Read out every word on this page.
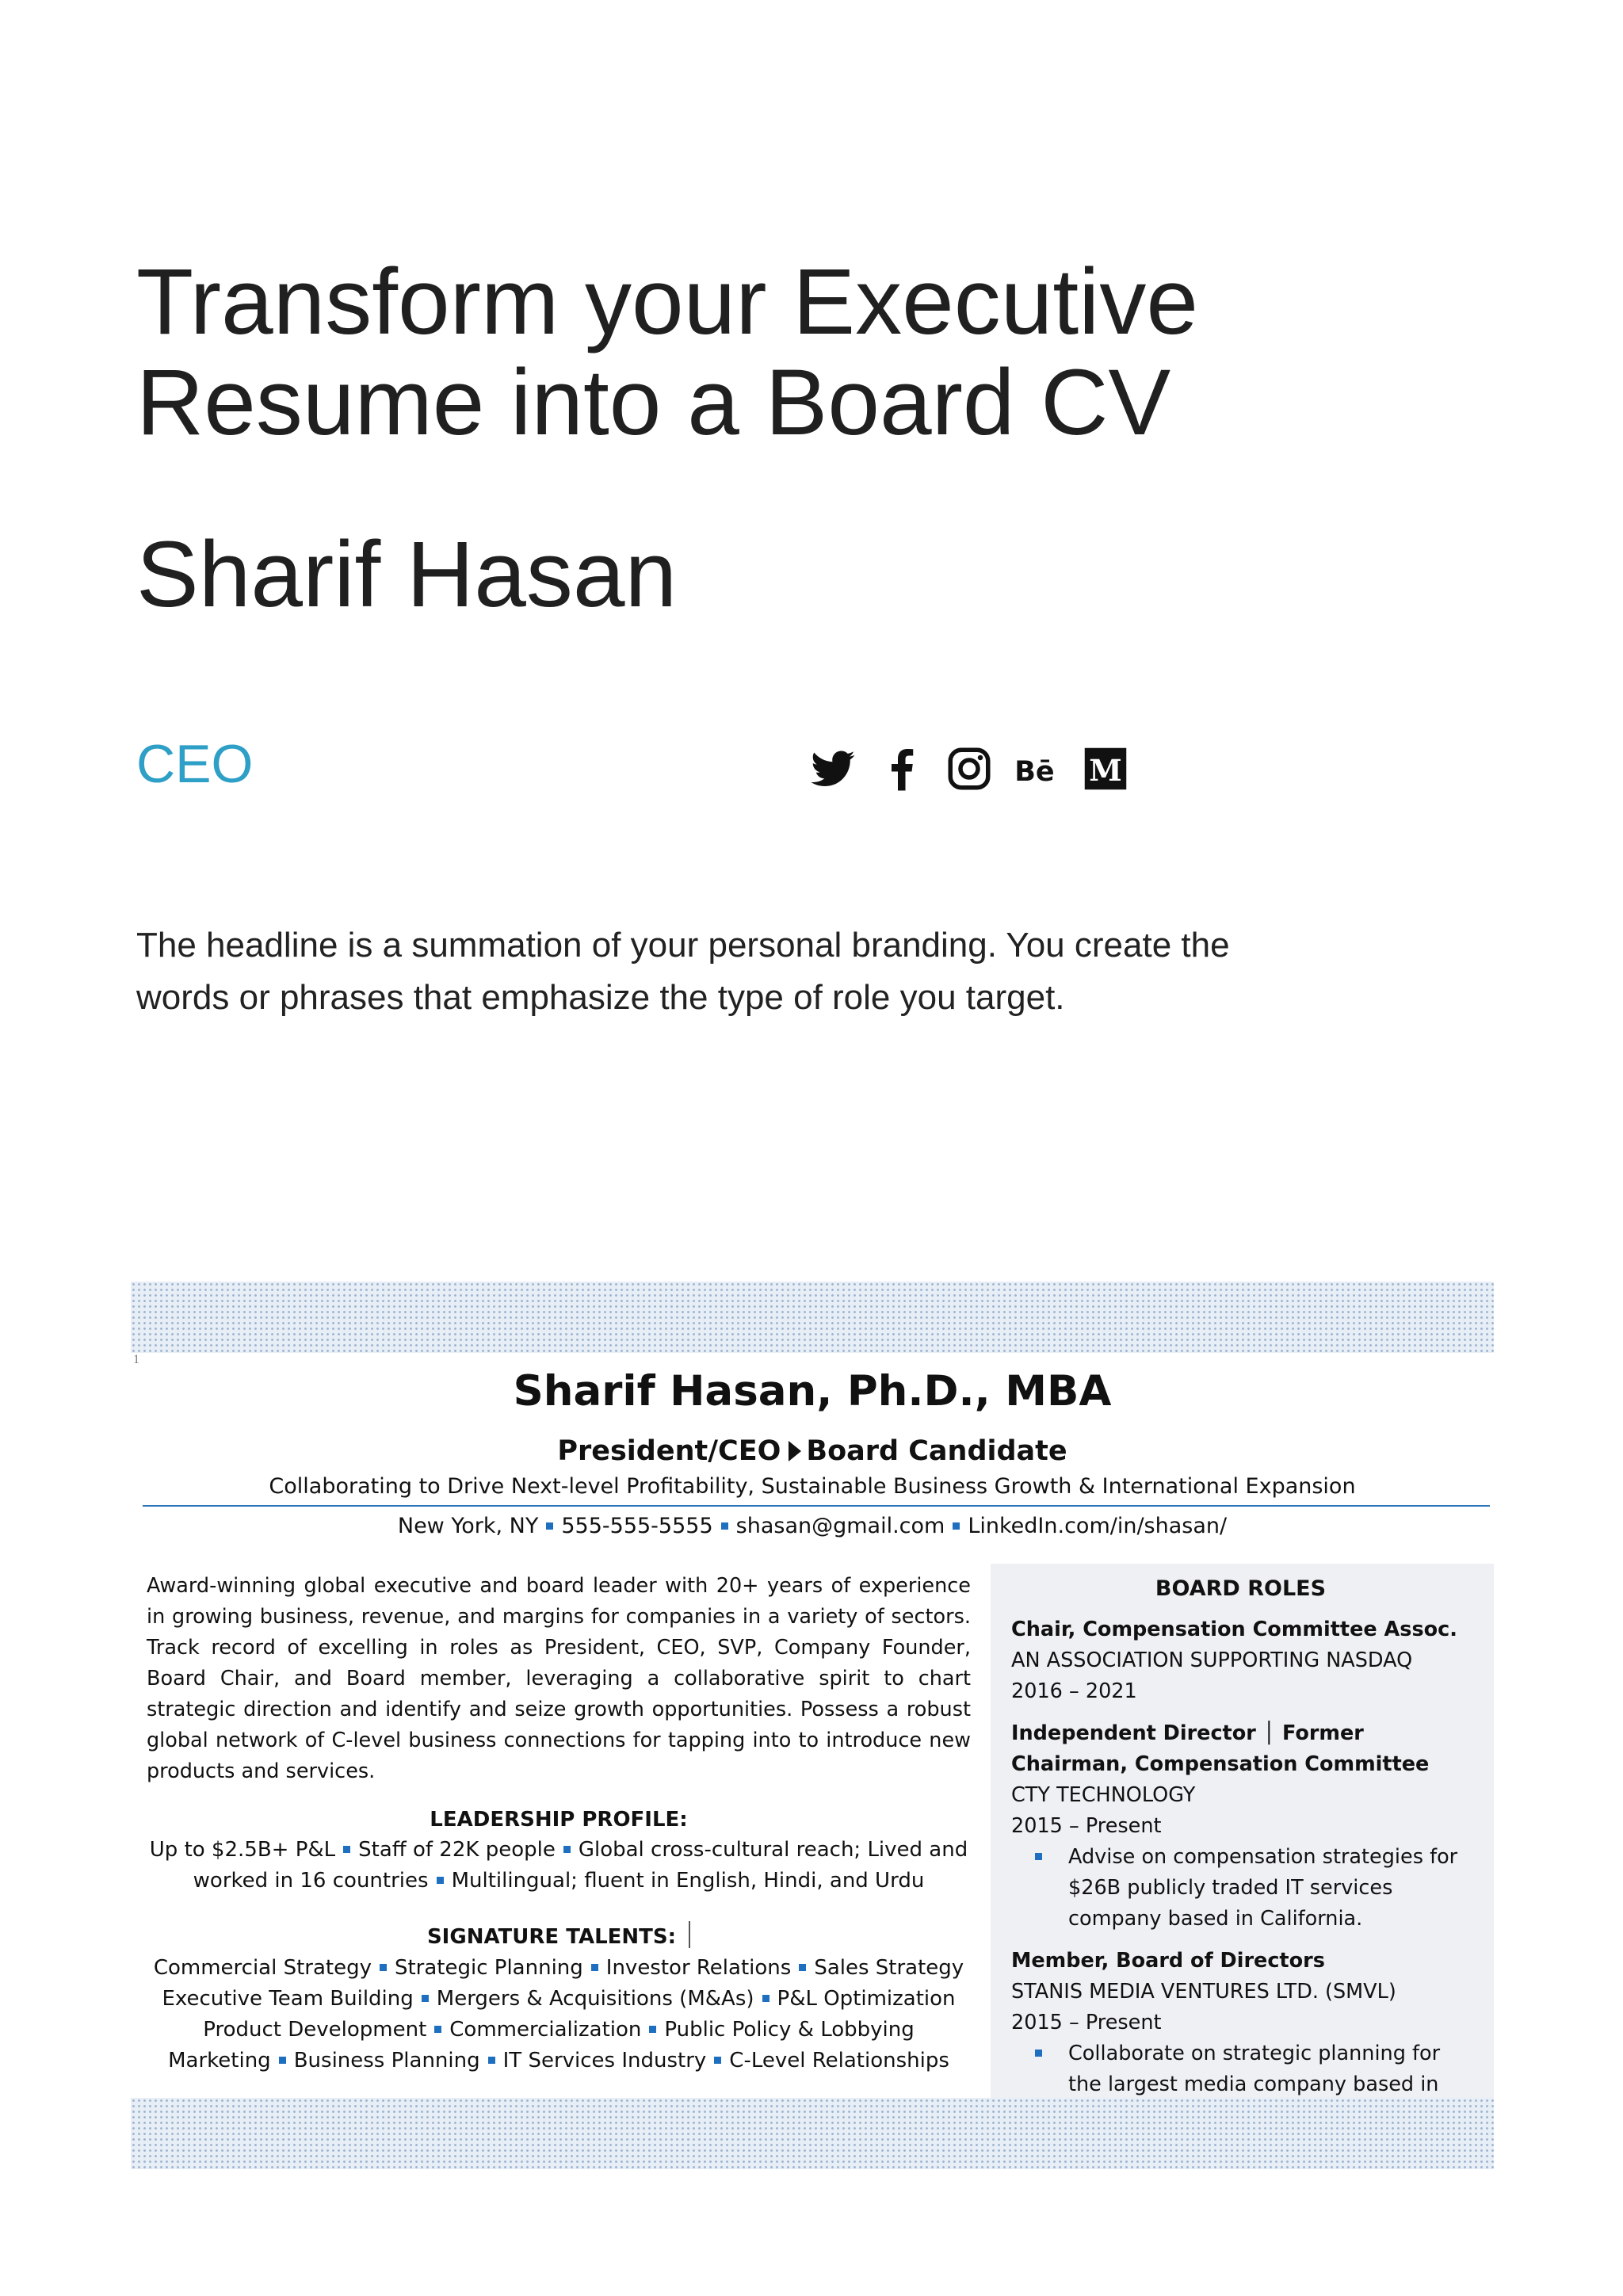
Transform your Executive Resume into a Board CV
Sharif Hasan
CEO	Bē	M
The headline is a summation of your personal branding. You create the words or phrases that emphasize the type of role you target.
1
Sharif Hasan, Ph.D., MBA
President/CEO Board Candidate
Collaborating to Drive Next-level Profitability, Sustainable Business Growth & International Expansion
New York, NY 555-555-5555 shasan@gmail.com LinkedIn.com/in/shasan/
Award-winning global executive and board leader with 20+ years of experience in growing business, revenue, and margins for companies in a variety of sectors. Track record of excelling in roles as President, CEO, SVP, Company Founder, Board Chair, and Board member, leveraging a collaborative spirit to chart strategic direction and identify and seize growth opportunities. Possess a robust global network of C-level business connections for tapping into to introduce new products and services.
LEADERSHIP PROFILE:
Up to $2.5B+ P&L Staff of 22K people Global cross-cultural reach; Lived and
worked in 16 countries Multilingual; fluent in English, Hindi, and Urdu
SIGNATURE TALENTS:
Commercial Strategy Strategic Planning Investor Relations Sales Strategy
Executive Team Building Mergers & Acquisitions (M&As) P&L Optimization
Product Development Commercialization Public Policy & Lobbying
Marketing Business Planning IT Services Industry C-Level Relationships
BOARD ROLES
Chair, Compensation Committee Assoc.
AN ASSOCIATION SUPPORTING NASDAQ
2016 – 2021
Independent Director │ Former Chairman, Compensation Committee
CTY TECHNOLOGY
2015 – Present
Advise on compensation strategies for $26B publicly traded IT services company based in California.
Member, Board of Directors
STANIS MEDIA VENTURES LTD. (SMVL)
2015 – Present
Collaborate on strategic planning for the largest media company based in
